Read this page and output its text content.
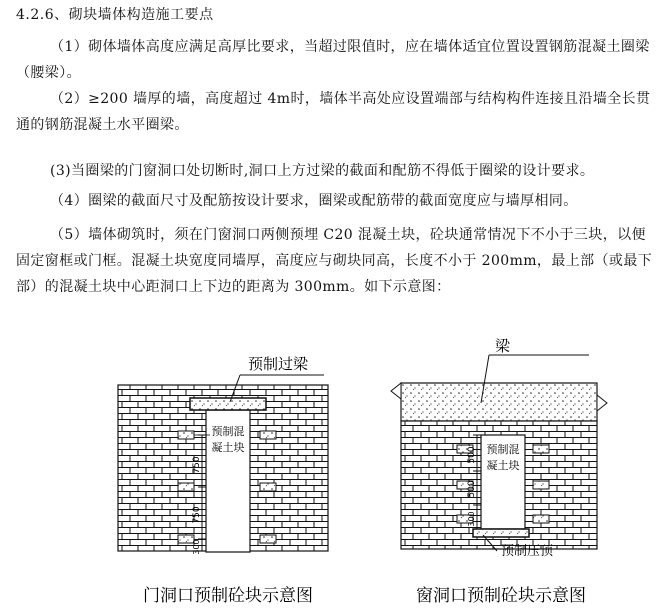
4.2.6、砌块墙体构造施工要点
（1）砌体墙体高度应满足高厚比要求，当超过限值时，应在墙体适宜位置设置钢筋混凝土圈梁（腰梁）。
（2）≥200 墙厚的墙，高度超过 4m时，墙体半高处应设置端部与结构构件连接且沿墙全长贯通的钢筋混凝土水平圈梁。
(3)当圈梁的门窗洞口处切断时,洞口上方过梁的截面和配筋不得低于圈梁的设计要求。
（4）圈梁的截面尺寸及配筋按设计要求，圈梁或配筋带的截面宽度应与墙厚相同。
（5）墙体砌筑时，须在门窗洞口两侧预埋 C20 混凝土块，砼块通常情况下不小于三块，以便固定窗框或门框。混凝土块宽度同墙厚，高度应与砌块同高，长度不小于 200mm，最上部（或最下部）的混凝土块中心距洞口上下边的距离为 300mm。如下示意图：
750
750
300
预制混
凝土块
预制过梁
门洞口预制砼块示意图
500
500
300
预制混
凝土块
梁
预制压顶
窗洞口预制砼块示意图
